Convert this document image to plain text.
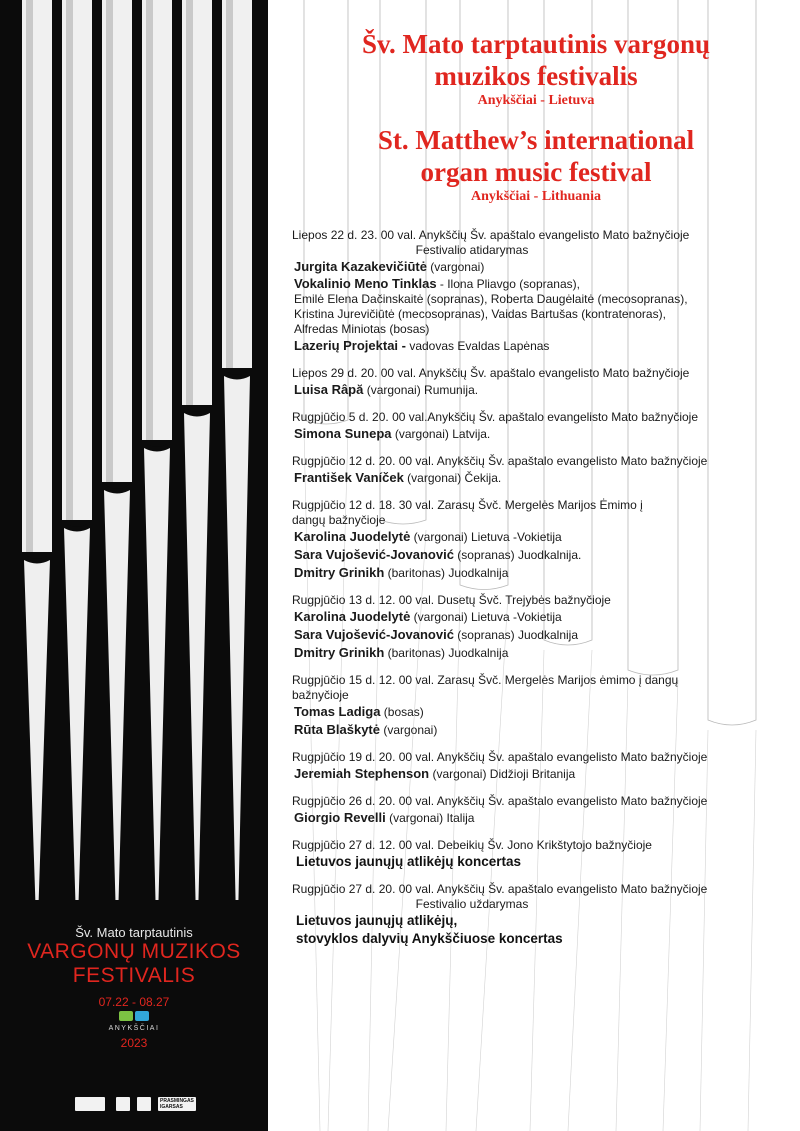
Šv. Mato tarptautinis
VARGONŲ MUZIKOS
FESTIVALIS
07.22 - 08.27
ANYKŠČIAI
2023
PRASMINGAS
IGARSAS
Šv. Mato tarptautinis vargonų
muzikos festivalis
Anykščiai - Lietuva
St. Matthew’s international
organ music festival
Anykščiai - Lithuania
Liepos 22 d. 23. 00 val. Anykščių Šv. apaštalo evangelisto Mato bažnyčioje
Festivalio atidarymas
Jurgita Kazakevičiūtė (vargonai)
Vokalinio Meno Tinklas - Ilona Pliavgo (sopranas),
Emilė Elena Dačinskaitė (sopranas), Roberta Daugėlaitė (mecosopranas),
Kristina Jurevičiūtė (mecosopranas), Vaidas Bartušas (kontratenoras),
Alfredas Miniotas (bosas)
Lazerių Projektai - vadovas Evaldas Lapėnas
Liepos 29 d. 20. 00 val. Anykščių Šv. apaštalo evangelisto Mato bažnyčioje
Luisa Râpă (vargonai) Rumunija.
Rugpjūčio 5 d. 20. 00 val.Anykščių Šv. apaštalo evangelisto Mato bažnyčioje
Simona Sunepa (vargonai) Latvija.
Rugpjūčio 12 d. 20. 00 val. Anykščių Šv. apaštalo evangelisto Mato bažnyčioje
František Vaníček (vargonai) Čekija.
Rugpjūčio 12 d. 18. 30 val. Zarasų Švč. Mergelės Marijos Ėmimo į
dangų bažnyčioje
Karolina Juodelytė (vargonai) Lietuva -Vokietija
Sara Vujošević-Jovanović (sopranas) Juodkalnija.
Dmitry Grinikh (baritonas) Juodkalnija
Rugpjūčio 13 d. 12. 00 val. Dusetų Švč. Trejybės bažnyčioje
Karolina Juodelytė (vargonai) Lietuva -Vokietija
Sara Vujošević-Jovanović (sopranas) Juodkalnija
Dmitry Grinikh (baritonas) Juodkalnija
Rugpjūčio 15 d. 12. 00 val. Zarasų Švč. Mergelės Marijos ėmimo į dangų
bažnyčioje
Tomas Ladiga (bosas)
Rūta Blaškytė (vargonai)
Rugpjūčio 19 d. 20. 00 val. Anykščių Šv. apaštalo evangelisto Mato bažnyčioje
Jeremiah Stephenson (vargonai) Didžioji Britanija
Rugpjūčio 26 d. 20. 00 val. Anykščių Šv. apaštalo evangelisto Mato bažnyčioje
Giorgio Revelli (vargonai) Italija
Rugpjūčio 27 d. 12. 00 val. Debeikių Šv. Jono Krikštytojo bažnyčioje
Lietuvos jaunųjų atlikėjų koncertas
Rugpjūčio 27 d. 20. 00 val. Anykščių Šv. apaštalo evangelisto Mato bažnyčioje
Festivalio uždarymas
Lietuvos jaunųjų atlikėjų,
stovyklos dalyvių Anykščiuose koncertas
